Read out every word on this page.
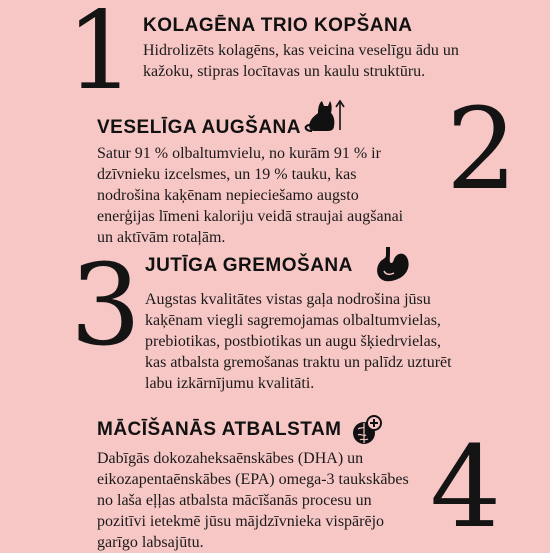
1 KOLAGĒNA TRIO KOPŠANA
Hidrolizēts kolagēns, kas veicina veselīgu ādu un kažoku, stipras locītavas un kaulu struktūru.
VESELĪGA AUGŠANA 2
Satur 91 % olbaltumvielu, no kurām 91 % ir dzīvnieku izcelsmes, un 19 % tauku, kas nodrošina kaķēnam nepieciešamo augsto enerģijas līmeni kaloriju veidā straujai augšanai un aktīvām rotaļām.
3 JUTĪGA GREMOŠANA
Augstas kvalitātes vistas gaļa nodrošina jūsu kaķēnam viegli sagremojamas olbaltumvielas, prebiotikas, postbiotikas un augu šķiedrvielas, kas atbalsta gremošanas traktu un palīdz uzturēt labu izkārnījumu kvalitāti.
MĀCĪŠANĀS ATBALSTAM
Dabīgās dokozaheksaēnskābes (DHA) un eikozapentaēnskābes (EPA) omega-3 taukskābes no laša eļļas atbalsta mācīšanās procesu un pozitīvi ietekmē jūsu mājdzīvnieka vispārējo garīgo labsajūtu.	4
